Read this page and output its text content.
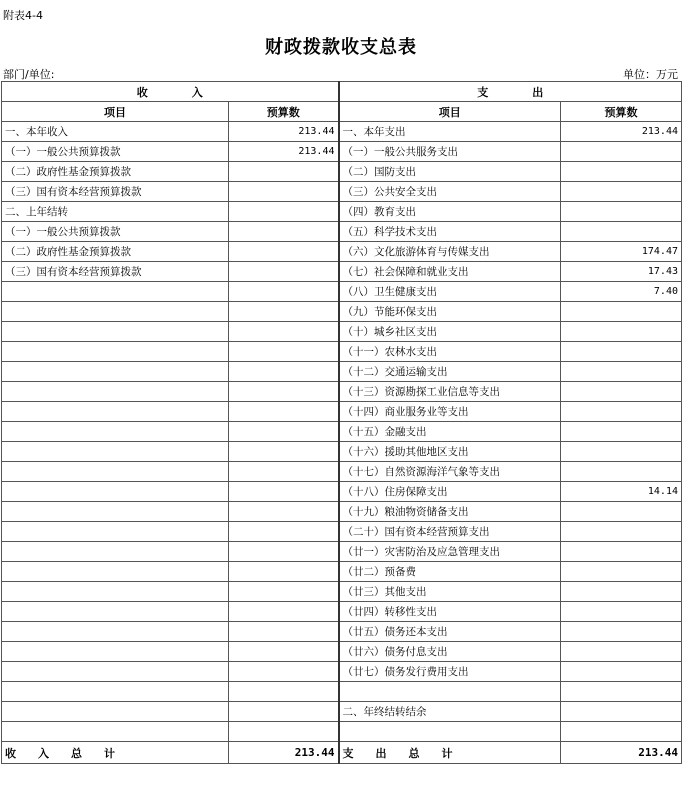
附表4-4
财政拨款收支总表
部门/单位:	单位：万元
收　　　　入		支　　　　出	
项目	预算数	项目	预算数
一、本年收入	213.44	一、本年支出	213.44
（一）一般公共预算拨款	213.44	（一）一般公共服务支出	
（二）政府性基金预算拨款		（二）国防支出	
（三）国有资本经营预算拨款		（三）公共安全支出	
二、上年结转		（四）教育支出	
（一）一般公共预算拨款		（五）科学技术支出	
（二）政府性基金预算拨款		（六）文化旅游体育与传媒支出	174.47
（三）国有资本经营预算拨款		（七）社会保障和就业支出	17.43
		（八）卫生健康支出	7.40
		（九）节能环保支出	
		（十）城乡社区支出	
		（十一）农林水支出	
		（十二）交通运输支出	
		（十三）资源勘探工业信息等支出	
		（十四）商业服务业等支出	
		（十五）金融支出	
		（十六）援助其他地区支出	
		（十七）自然资源海洋气象等支出	
		（十八）住房保障支出	14.14
		（十九）粮油物资储备支出	
		（二十）国有资本经营预算支出	
		（廿一）灾害防治及应急管理支出	
		（廿二）预备费	
		（廿三）其他支出	
		（廿四）转移性支出	
		（廿五）债务还本支出	
		（廿六）债务付息支出	
		（廿七）债务发行费用支出	

		二、年终结转结余	

收　　入　　总　　计	213.44	支　　出　　总　　计	213.44
